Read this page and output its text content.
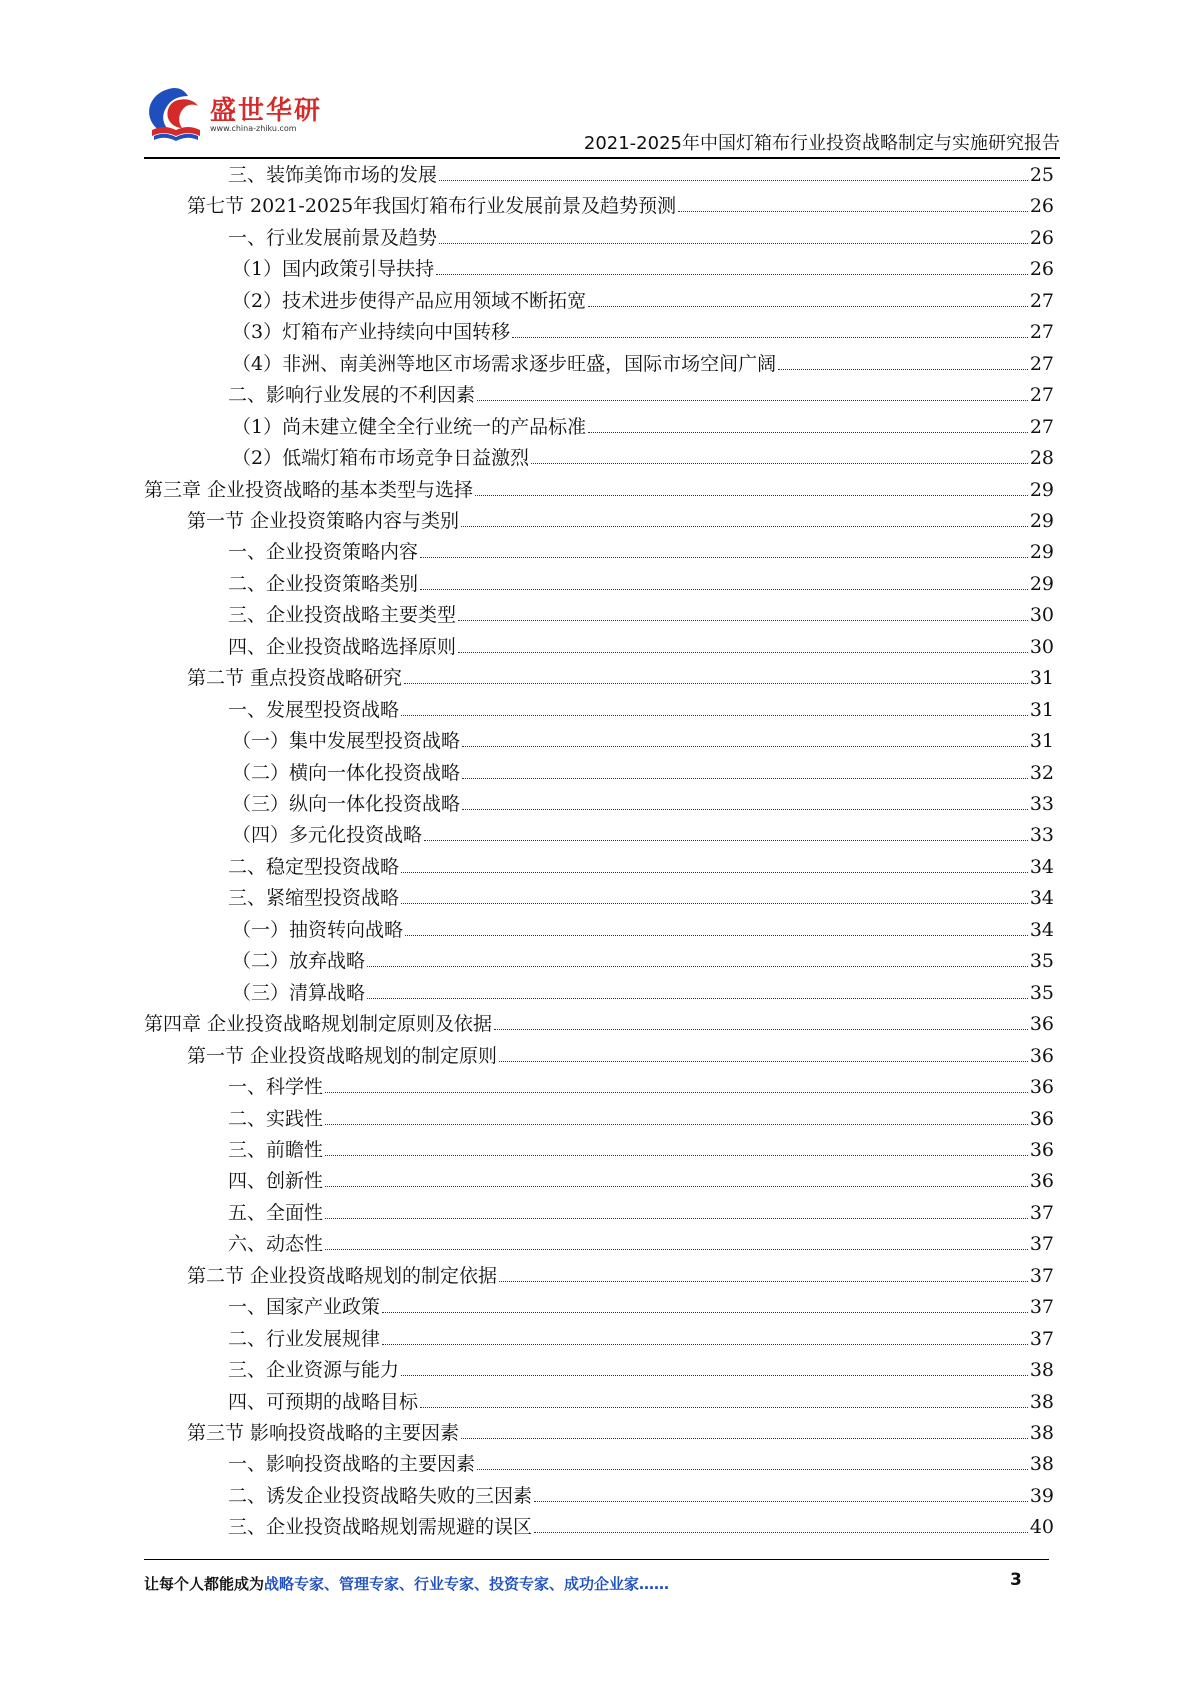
盛世华研
www.china-zhiku.com
2021-2025年中国灯箱布行业投资战略制定与实施研究报告
三、装饰美饰市场的发展	25
第七节 2021-2025年我国灯箱布行业发展前景及趋势预测	26
一、行业发展前景及趋势	26
（1）国内政策引导扶持	26
（2）技术进步使得产品应用领域不断拓宽	27
（3）灯箱布产业持续向中国转移	27
（4）非洲、南美洲等地区市场需求逐步旺盛，国际市场空间广阔	27
二、影响行业发展的不利因素	27
（1）尚未建立健全全行业统一的产品标准	27
（2）低端灯箱布市场竞争日益激烈	28
第三章 企业投资战略的基本类型与选择	29
第一节 企业投资策略内容与类别	29
一、企业投资策略内容	29
二、企业投资策略类别	29
三、企业投资战略主要类型	30
四、企业投资战略选择原则	30
第二节 重点投资战略研究	31
一、发展型投资战略	31
（一）集中发展型投资战略	31
（二）横向一体化投资战略	32
（三）纵向一体化投资战略	33
（四）多元化投资战略	33
二、稳定型投资战略	34
三、紧缩型投资战略	34
（一）抽资转向战略	34
（二）放弃战略	35
（三）清算战略	35
第四章 企业投资战略规划制定原则及依据	36
第一节 企业投资战略规划的制定原则	36
一、科学性	36
二、实践性	36
三、前瞻性	36
四、创新性	36
五、全面性	37
六、动态性	37
第二节 企业投资战略规划的制定依据	37
一、国家产业政策	37
二、行业发展规律	37
三、企业资源与能力	38
四、可预期的战略目标	38
第三节 影响投资战略的主要因素	38
一、影响投资战略的主要因素	38
二、诱发企业投资战略失败的三因素	39
三、企业投资战略规划需规避的误区	40
让每个人都能成为战略专家、管理专家、行业专家、投资专家、成功企业家……	3
